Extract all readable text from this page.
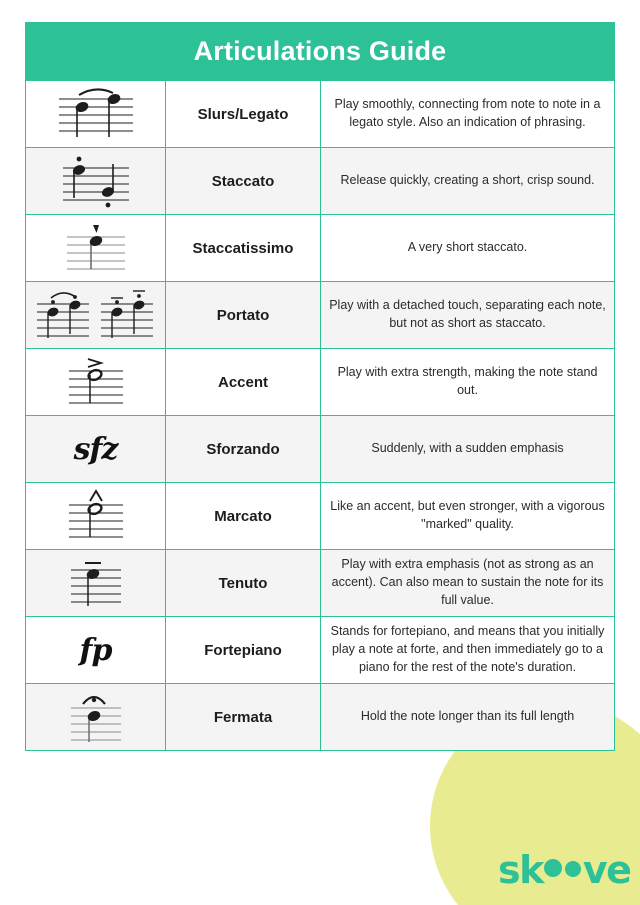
Articulations Guide
	Slurs/Legato	Play smoothly, connecting from note to note in a legato style. Also an indication of phrasing.

	Staccato	Release quickly, creating a short, crisp sound.

	Staccatissimo	A very short staccato.

	Portato	Play with a detached touch, separating each note, but not as short as staccato.

	Accent	Play with extra strength, making the note stand out.

sfz	Sforzando	Suddenly, with a sudden emphasis

	Marcato	Like an accent, but even stronger, with a vigorous "marked" quality.

	Tenuto	Play with extra emphasis (not as strong as an accent). Can also mean to sustain the note for its full value.

fp	Fortepiano	Stands for fortepiano, and means that you initially play a note at forte, and then immediately go to a piano for the rest of the note's duration.

	Fermata	Hold the note longer than its full length
sk ve
